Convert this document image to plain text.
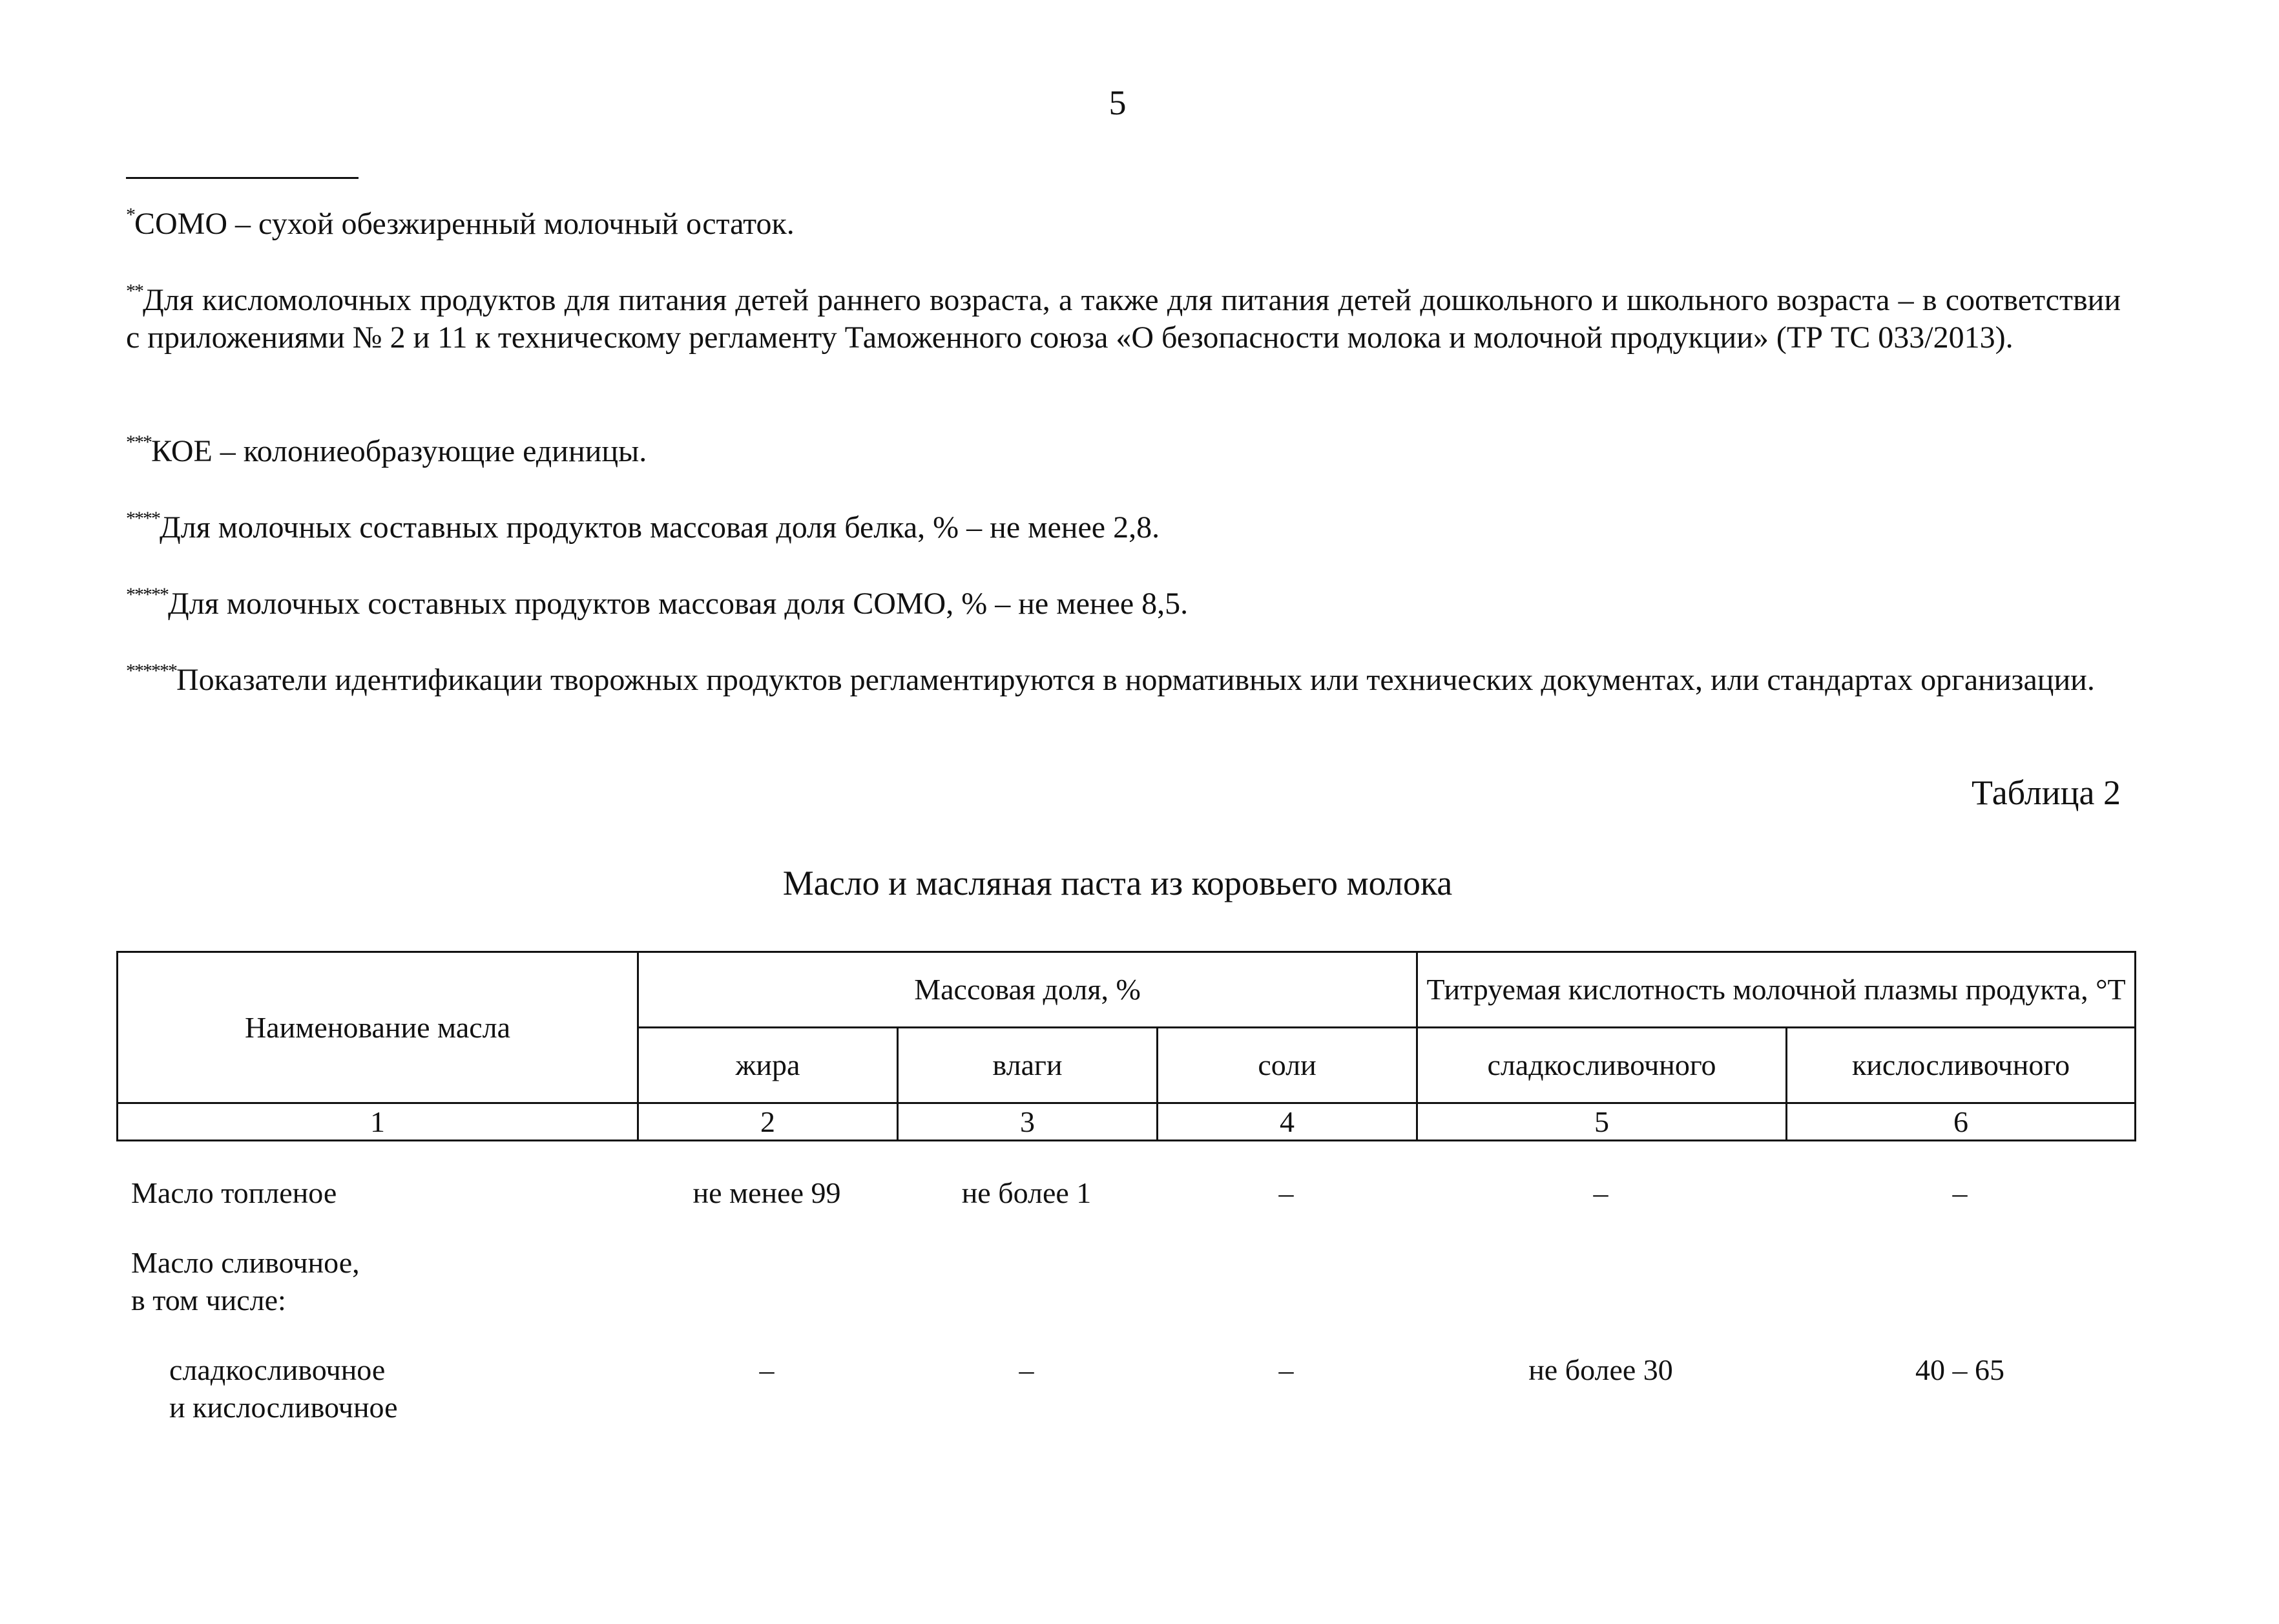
5
*СОМО – сухой обезжиренный молочный остаток.
**Для кисломолочных продуктов для питания детей раннего возраста, а также для питания детей дошкольного и школьного возраста – в соответствии с приложениями № 2 и 11 к техническому регламенту Таможенного союза «О безопасности молока и молочной продукции» (ТР ТС 033/2013).
***КОЕ – колониеобразующие единицы.
****Для молочных составных продуктов массовая доля белка, % – не менее 2,8.
*****Для молочных составных продуктов массовая доля СОМО, % – не менее 8,5.
******Показатели идентификации творожных продуктов регламентируются в нормативных или технических документах, или стандартах организации.
Таблица 2
Масло и масляная паста из коровьего молока
Наименование масла	Массовая доля, %			Титруемая кислотность молочной плазмы продукта, °Т	
	жира	влаги	соли	сладкосливочного	кислосливочного
1	2	3	4	5	6
Масло топленое	не менее 99	не более 1	–	–	–
Масло сливочное,
в том числе:
сладкосливочное
и кислосливочное
–	–	–	не более 30	40 – 65
